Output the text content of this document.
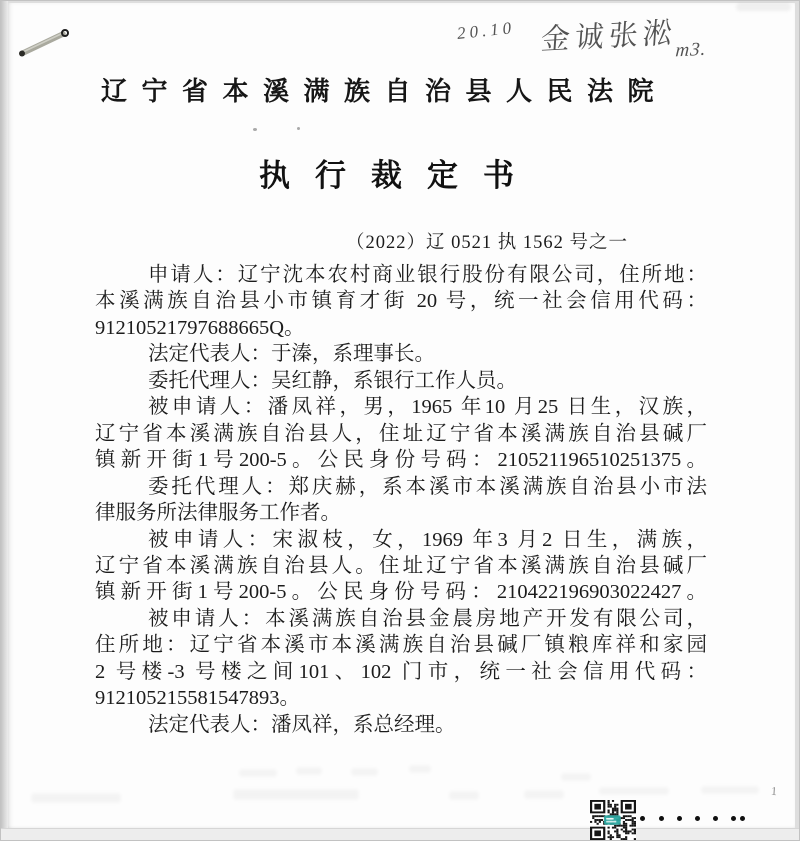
20.10 金诚张淞$_{m3.}$
辽宁省本溪满族自治县人民法院
执行裁定书
（2022）辽 0521 执 1562 号之一
申请人：辽宁沈本农村商业银行股份有限公司，住所地：
本溪满族自治县小市镇育才街 20 号，统一社会信用代码：
91210521797688665Q。
法定代表人：于溱，系理事长。
委托代理人：吴红静，系银行工作人员。
被申请人：潘凤祥，男，1965 年10 月25 日生，汉族，
辽宁省本溪满族自治县人，住址辽宁省本溪满族自治县碱厂
镇新开街1号200-5。公民身份号码：210521196510251375。
委托代理人：郑庆赫，系本溪市本溪满族自治县小市法
律服务所法律服务工作者。
被申请人：宋淑枝，女，1969 年3 月2 日生，满族，
辽宁省本溪满族自治县人。住址辽宁省本溪满族自治县碱厂
镇新开街1号200-5。公民身份号码：210422196903022427。
被申请人：本溪满族自治县金晨房地产开发有限公司，
住所地：辽宁省本溪市本溪满族自治县碱厂镇粮库祥和家园
2 号楼-3 号楼之间101、102 门市，统一社会信用代码：
912105215581547893。
法定代表人：潘凤祥，系总经理。
1
